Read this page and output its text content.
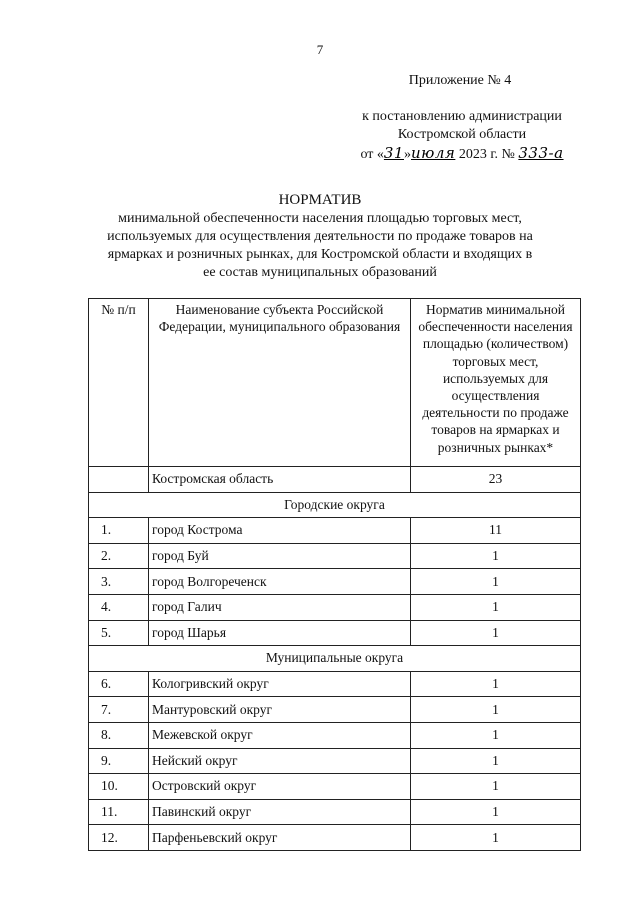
7
Приложение № 4
к постановлению администрации
Костромской области
от «31»июля 2023 г. № 333-а
НОРМАТИВ
минимальной обеспеченности населения площадью торговых мест, используемых для осуществления деятельности по продаже товаров на ярмарках и розничных рынках, для Костромской области и входящих в ее состав муниципальных образований
№ п/п	Наименование субъекта Российской Федерации, муниципального образования	Норматив минимальной обеспеченности населения площадью (количеством) торговых мест, используемых для осуществления деятельности по продаже товаров на ярмарках и розничных рынках*
	Костромская область	23
Городские округа		
1.	город Кострома	11
2.	город Буй	1
3.	город Волгореченск	1
4.	город Галич	1
5.	город Шарья	1
Муниципальные округа		
6.	Кологривский округ	1
7.	Мантуровский округ	1
8.	Межевской округ	1
9.	Нейский округ	1
10.	Островский округ	1
11.	Павинский округ	1
12.	Парфеньевский округ	1
